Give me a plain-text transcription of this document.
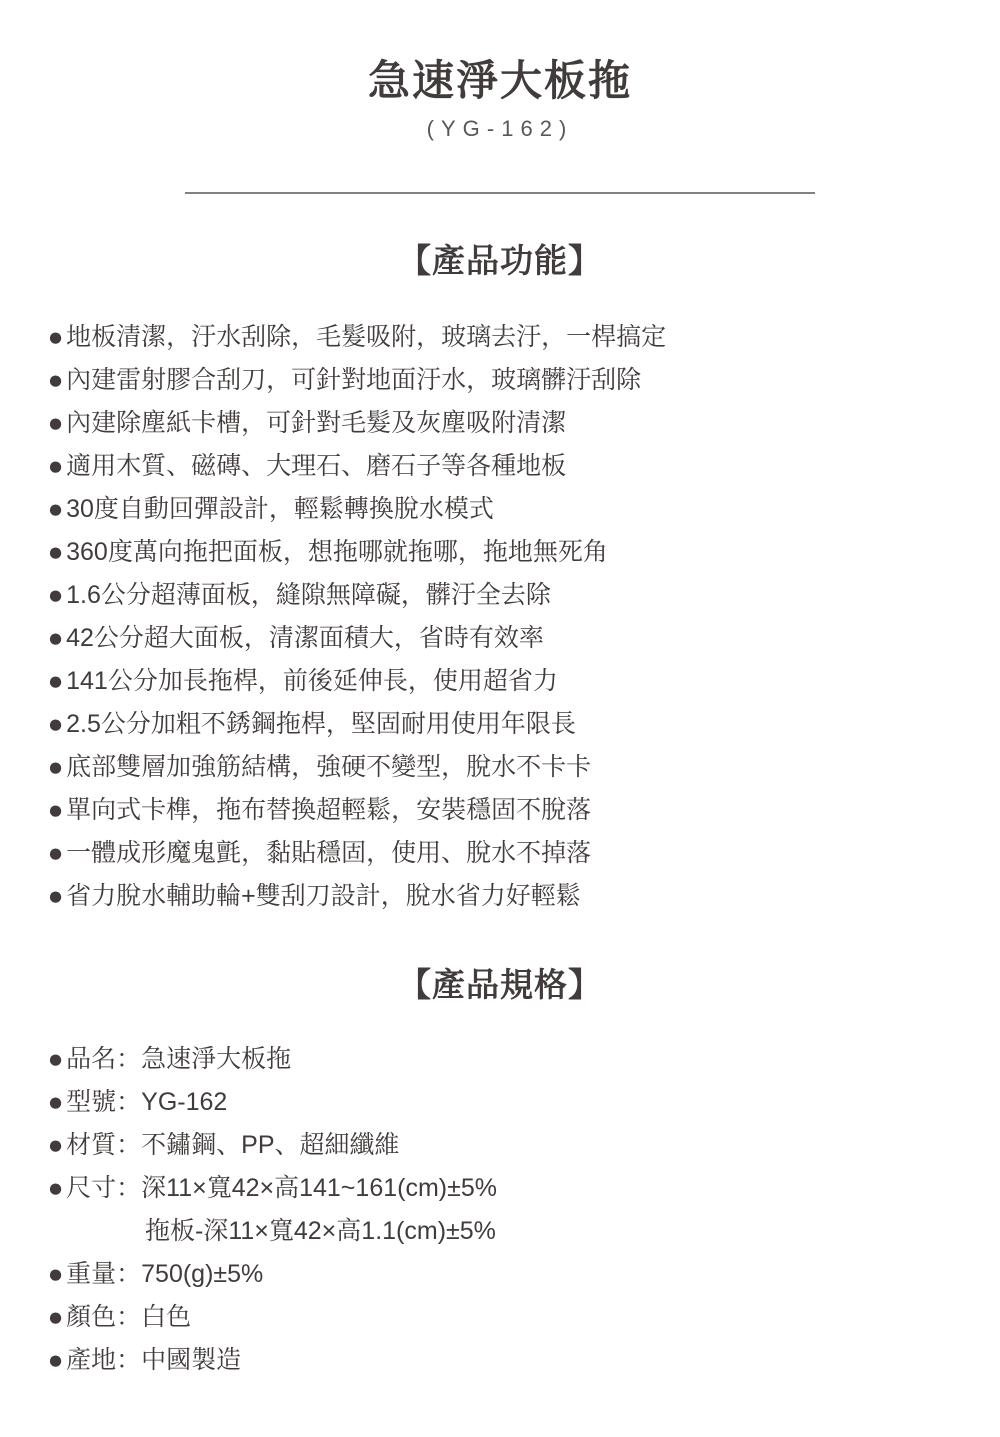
急速淨大板拖
(YG-162)
【產品功能】
● 地板清潔，汙水刮除，毛髮吸附，玻璃去汙，一桿搞定
● 內建雷射膠合刮刀，可針對地面汙水，玻璃髒汙刮除
● 內建除塵紙卡槽，可針對毛髮及灰塵吸附清潔
● 適用木質、磁磚、大理石、磨石子等各種地板
● 30度自動回彈設計，輕鬆轉換脫水模式
● 360度萬向拖把面板，想拖哪就拖哪，拖地無死角
● 1.6公分超薄面板，縫隙無障礙，髒汙全去除
● 42公分超大面板，清潔面積大，省時有效率
● 141公分加長拖桿，前後延伸長，使用超省力
● 2.5公分加粗不銹鋼拖桿，堅固耐用使用年限長
● 底部雙層加強筋結構，強硬不變型，脫水不卡卡
● 單向式卡榫，拖布替換超輕鬆，安裝穩固不脫落
● 一體成形魔鬼氈，黏貼穩固，使用、脫水不掉落
● 省力脫水輔助輪+雙刮刀設計，脫水省力好輕鬆
【產品規格】
● 品名：急速淨大板拖
● 型號：YG-162
● 材質：不鏽鋼、PP、超細纖維
● 尺寸：深11×寬42×高141~161(cm)±5%
拖板-深11×寬42×高1.1(cm)±5%
● 重量：750(g)±5%
● 顏色：白色
● 產地：中國製造
